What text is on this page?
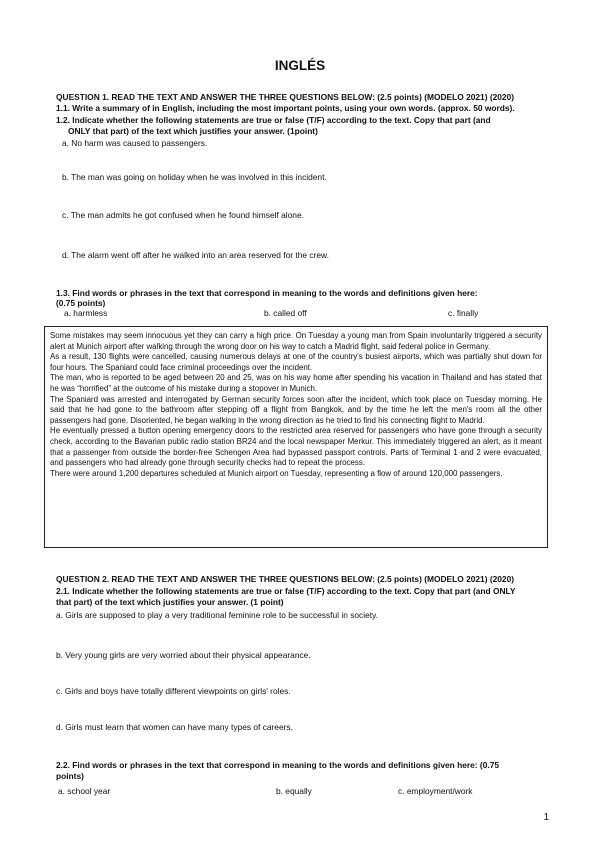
INGLÉS
QUESTION 1. READ THE TEXT AND ANSWER THE THREE QUESTIONS BELOW: (2.5 points) (MODELO 2021) (2020)
1.1. Write a summary of in English, including the most important points, using your own words. (approx. 50 words).
1.2. Indicate whether the following statements are true or false (T/F) according to the text. Copy that part (and
ONLY that part) of the text which justifies your answer. (1point)
a. No harm was caused to passengers.
b. The man was going on holiday when he was involved in this incident.
c. The man admits he got confused when he found himself alone.
d. The alarm went off after he walked into an area reserved for the crew.
1.3. Find words or phrases in the text that correspond in meaning to the words and definitions given here:
(0.75 points)
a. harmless	b. called off	c. finally

Some mistakes may seem innocuous yet they can carry a high price. On Tuesday a young man from Spain involuntarily triggered a security alert at Munich airport after walking through the wrong door on his way to catch a Madrid flight, said federal police in Germany.

As a result, 130 flights were cancelled, causing numerous delays at one of the country's busiest airports, which was partially shut down for four hours. The Spaniard could face criminal proceedings over the incident.

The man, who is reported to be aged between 20 and 25, was on his way home after spending his vacation in Thailand and has stated that he was “horrified” at the outcome of his mistake during a stopover in Munich.

The Spaniard was arrested and interrogated by German security forces soon after the incident, which took place on Tuesday morning. He said that he had gone to the bathroom after stepping off a flight from Bangkok, and by the time he left the men's room all the other passengers had gone. Disoriented, he began walking in the wrong direction as he tried to find his connecting flight to Madrid.

He eventually pressed a button opening emergency doors to the restricted area reserved for passengers who have gone through a security check, according to the Bavarian public radio station BR24 and the local newspaper Merkur. This immediately triggered an alert, as it meant that a passenger from outside the border-free Schengen Area had bypassed passport controls. Parts of Terminal 1 and 2 were evacuated, and passengers who had already gone through security checks had to repeat the process.

There were around 1,200 departures scheduled at Munich airport on Tuesday, representing a flow of around 120,000 passengers.

QUESTION 2. READ THE TEXT AND ANSWER THE THREE QUESTIONS BELOW: (2.5 points) (MODELO 2021) (2020)
2.1. Indicate whether the following statements are true or false (T/F) according to the text. Copy that part (and ONLY
that part) of the text which justifies your answer. (1 point)
a. Girls are supposed to play a very traditional feminine role to be successful in society.
b. Very young girls are very worried about their physical appearance.
c. Girls and boys have totally different viewpoints on girls' roles.
d. Girls must learn that women can have many types of careers.
2.2. Find words or phrases in the text that correspond in meaning to the words and definitions given here: (0.75
points)
a. school year	b. equally	c. employment/work
1
